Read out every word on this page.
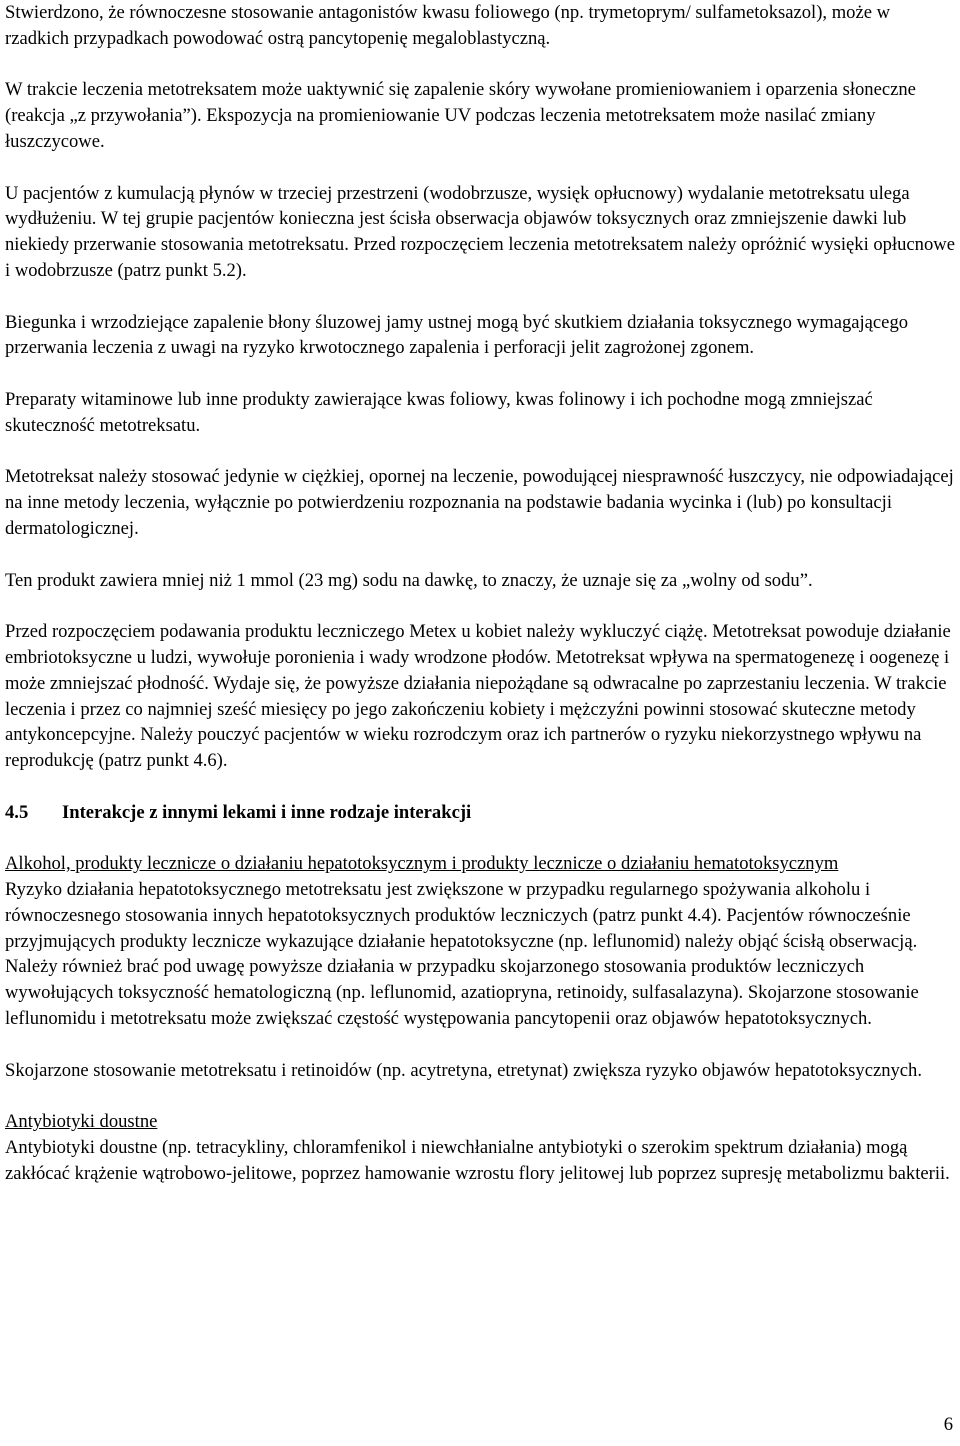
Stwierdzono, że równoczesne stosowanie antagonistów kwasu foliowego (np. trymetoprym/ sulfametoksazol), może w rzadkich przypadkach powodować ostrą pancytopenię megaloblastyczną.

W trakcie leczenia metotreksatem może uaktywnić się zapalenie skóry wywołane promieniowaniem i oparzenia słoneczne (reakcja „z przywołania”). Ekspozycja na promieniowanie UV podczas leczenia metotreksatem może nasilać zmiany łuszczycowe.

U pacjentów z kumulacją płynów w trzeciej przestrzeni (wodobrzusze, wysięk opłucnowy) wydalanie metotreksatu ulega wydłużeniu. W tej grupie pacjentów konieczna jest ścisła obserwacja objawów toksycznych oraz zmniejszenie dawki lub niekiedy przerwanie stosowania metotreksatu. Przed rozpoczęciem leczenia metotreksatem należy opróżnić wysięki opłucnowe i wodobrzusze (patrz punkt 5.2).

Biegunka i wrzodziejące zapalenie błony śluzowej jamy ustnej mogą być skutkiem działania toksycznego wymagającego przerwania leczenia z uwagi na ryzyko krwotocznego zapalenia i perforacji jelit zagrożonej zgonem.

Preparaty witaminowe lub inne produkty zawierające kwas foliowy, kwas folinowy i ich pochodne mogą zmniejszać skuteczność metotreksatu.

Metotreksat należy stosować jedynie w ciężkiej, opornej na leczenie, powodującej niesprawność łuszczycy, nie odpowiadającej na inne metody leczenia, wyłącznie po potwierdzeniu rozpoznania na podstawie badania wycinka i (lub) po konsultacji dermatologicznej.

Ten produkt zawiera mniej niż 1 mmol (23 mg) sodu na dawkę, to znaczy, że uznaje się za „wolny od sodu”.

Przed rozpoczęciem podawania produktu leczniczego Metex u kobiet należy wykluczyć ciążę. Metotreksat powoduje działanie embriotoksyczne u ludzi, wywołuje poronienia i wady wrodzone płodów. Metotreksat wpływa na spermatogenezę i oogenezę i może zmniejszać płodność. Wydaje się, że powyższe działania niepożądane są odwracalne po zaprzestaniu leczenia. W trakcie leczenia i przez co najmniej sześć miesięcy po jego zakończeniu kobiety i mężczyźni powinni stosować skuteczne metody antykoncepcyjne. Należy pouczyć pacjentów w wieku rozrodczym oraz ich partnerów o ryzyku niekorzystnego wpływu na reprodukcję (patrz punkt 4.6).

4.5	Interakcje z innymi lekami i inne rodzaje interakcji

Alkohol, produkty lecznicze o działaniu hepatotoksycznym i produkty lecznicze o działaniu hematotoksycznym

Ryzyko działania hepatotoksycznego metotreksatu jest zwiększone w przypadku regularnego spożywania alkoholu i równoczesnego stosowania innych hepatotoksycznych produktów leczniczych (patrz punkt 4.4). Pacjentów równocześnie przyjmujących produkty lecznicze wykazujące działanie hepatotoksyczne (np. leflunomid) należy objąć ścisłą obserwacją. Należy również brać pod uwagę powyższe działania w przypadku skojarzonego stosowania produktów leczniczych wywołujących toksyczność hematologiczną (np. leflunomid, azatiopryna, retinoidy, sulfasalazyna). Skojarzone stosowanie leflunomidu i metotreksatu może zwiększać częstość występowania pancytopenii oraz objawów hepatotoksycznych.

Skojarzone stosowanie metotreksatu i retinoidów (np. acytretyna, etretynat) zwiększa ryzyko objawów hepatotoksycznych.

Antybiotyki doustne

Antybiotyki doustne (np. tetracykliny, chloramfenikol i niewchłanialne antybiotyki o szerokim spektrum działania) mogą zakłócać krążenie wątrobowo-jelitowe, poprzez hamowanie wzrostu flory jelitowej lub poprzez supresję metabolizmu bakterii.

6
